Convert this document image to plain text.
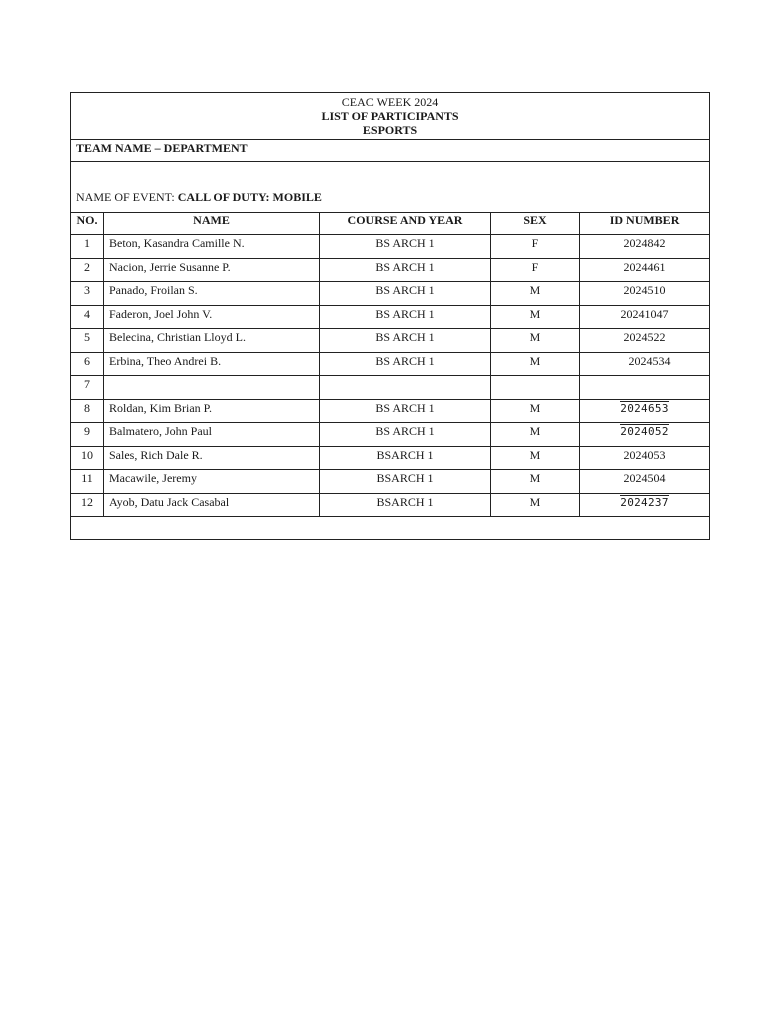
CEAC WEEK 2024
LIST OF PARTICIPANTS
ESPORTS				

TEAM NAME – DEPARTMENT				
NAME OF EVENT: CALL OF DUTY: MOBILE				
NO.	NAME	COURSE AND YEAR	SEX	ID NUMBER
1	Beton, Kasandra Camille N.	BS ARCH 1	F	2024842
2	Nacion, Jerrie Susanne P.	BS ARCH 1	F	2024461
3	Panado, Froilan S.	BS ARCH 1	M	2024510
4	Faderon, Joel John V.	BS ARCH 1	M	20241047
5	Belecina, Christian Lloyd L.	BS ARCH 1	M	2024522
6	Erbina, Theo Andrei B.	BS ARCH 1	M	2024534
7				
8	Roldan, Kim Brian P.	BS ARCH 1	M	2024653
9	Balmatero, John Paul	BS ARCH 1	M	2024052
10	Sales, Rich Dale R.	BSARCH 1	M	2024053
11	Macawile, Jeremy	BSARCH 1	M	2024504
12	Ayob, Datu Jack Casabal	BSARCH 1	M	2024237
